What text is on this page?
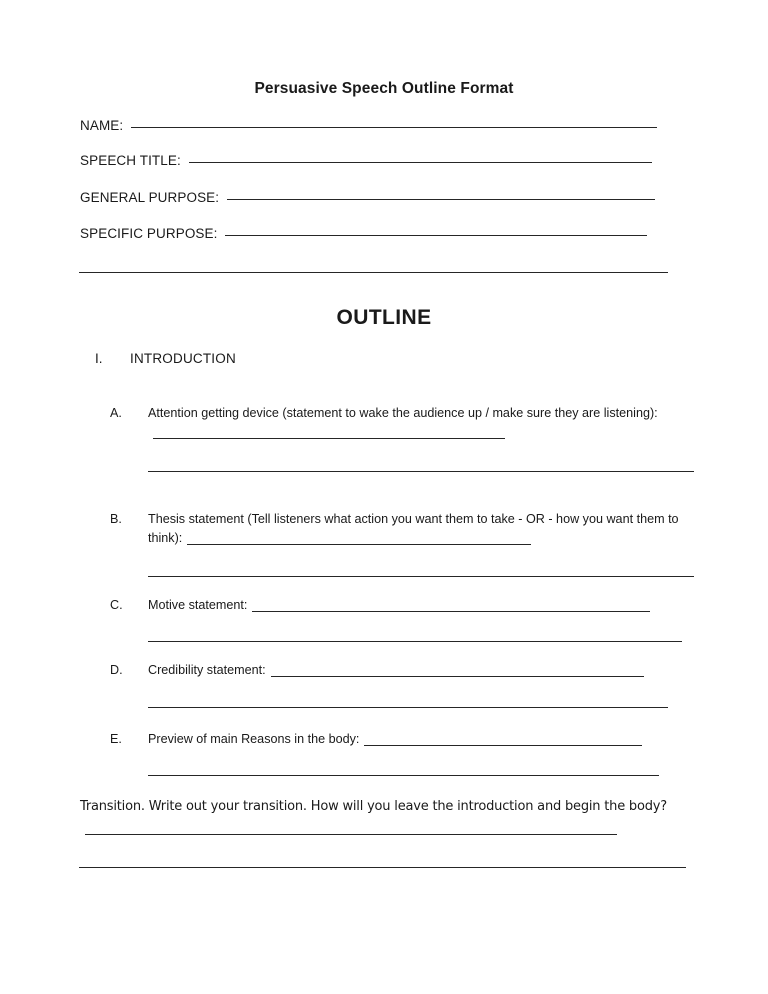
Persuasive Speech Outline Format
NAME:
SPEECH TITLE:
GENERAL PURPOSE:
SPECIFIC PURPOSE:
OUTLINE
I. INTRODUCTION
A. Attention getting device (statement to wake the audience up / make sure they are listening):
B. Thesis statement (Tell listeners what action you want them to take - OR - how you want them to think):
C. Motive statement:
D. Credibility statement:
E. Preview of main Reasons in the body:
Transition. Write out your transition. How will you leave the introduction and begin the body?
